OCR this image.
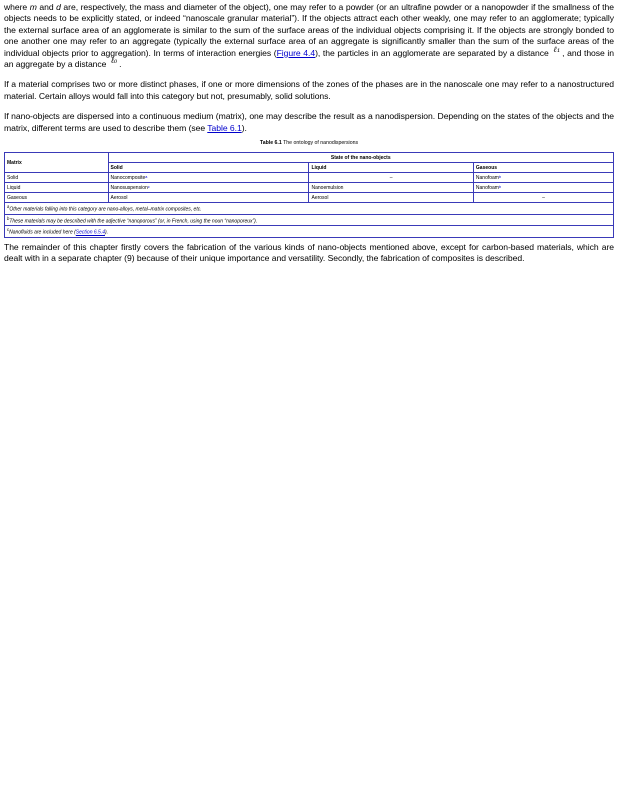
where m and d are, respectively, the mass and diameter of the object), one may refer to a powder (or an ultrafine powder or a nanopowder if the smallness of the objects needs to be explicitly stated, or indeed “nanoscale granular material”). If the objects attract each other weakly, one may refer to an agglomerate; typically the external surface area of an agglomerate is similar to the sum of the surface areas of the individual objects comprising it. If the objects are strongly bonded to one another one may refer to an aggregate (typically the external surface area of an aggregate is significantly smaller than the sum of the surface areas of the individual objects prior to aggregation). In terms of interaction energies (Figure 4.4), the particles in an agglomerate are separated by a distance ℓ₁ , and those in an aggregate by a distance ℓ₀ .

If a material comprises two or more distinct phases, if one or more dimensions of the zones of the phases are in the nanoscale one may refer to a nanostructured material. Certain alloys would fall into this category but not, presumably, solid solutions.

If nano-objects are dispersed into a continuous medium (matrix), one may describe the result as a nanodispersion. Depending on the states of the objects and the matrix, different terms are used to describe them (see Table 6.1).

Table 6.1 The ontology of nanodispersions
Matrix	State of the nano-objects		
	Solid	Liquid	Gaseous
Solid	Nanocomposite$^a$	–	Nanofoam$^b$
Liquid	Nanosuspension$^c$	Nanoemulsion	Nanofoam$^b$
Gaseous	Aerosol	Aerosol	–
$^a$Other materials falling into this category are nano-alloys, metal–matrix composites, etc.			
$^b$These materials may be described with the adjective “nanoporous” (or, in French, using the noun “nanoporeux”).			
$^c$Nanofluids are included here (Section 6.5.4).			

The remainder of this chapter firstly covers the fabrication of the various kinds of nano-objects mentioned above, except for carbon-based materials, which are dealt with in a separate chapter (9) because of their unique importance and versatility. Secondly, the fabrication of composites is described.
